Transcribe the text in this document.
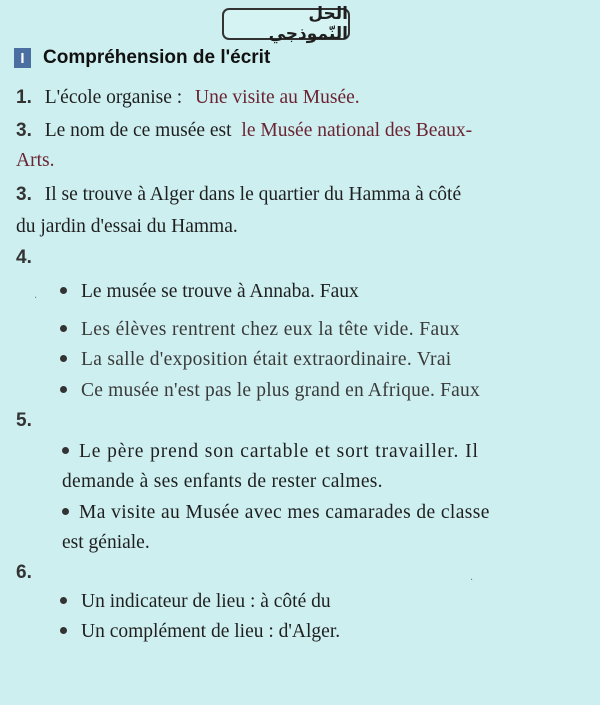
الحل النّموذجي
I Compréhension de l'écrit
1. L'école organise : Une visite au Musée.
3. Le nom de ce musée est le Musée national des Beaux-
Arts.
3. Il se trouve à Alger dans le quartier du Hamma à côté
du jardin d'essai du Hamma.
4.
.	Le musée se trouve à Annaba. Faux
Les élèves rentrent chez eux la tête vide. Faux
La salle d'exposition était extraordinaire. Vrai
Ce musée n'est pas le plus grand en Afrique. Faux
5.
Le père prend son cartable et sort travailler. Il
demande à ses enfants de rester calmes.
Ma visite au Musée avec mes camarades de classe
est géniale.
6.	.
Un indicateur de lieu : à côté du
Un complément de lieu : d'Alger.
